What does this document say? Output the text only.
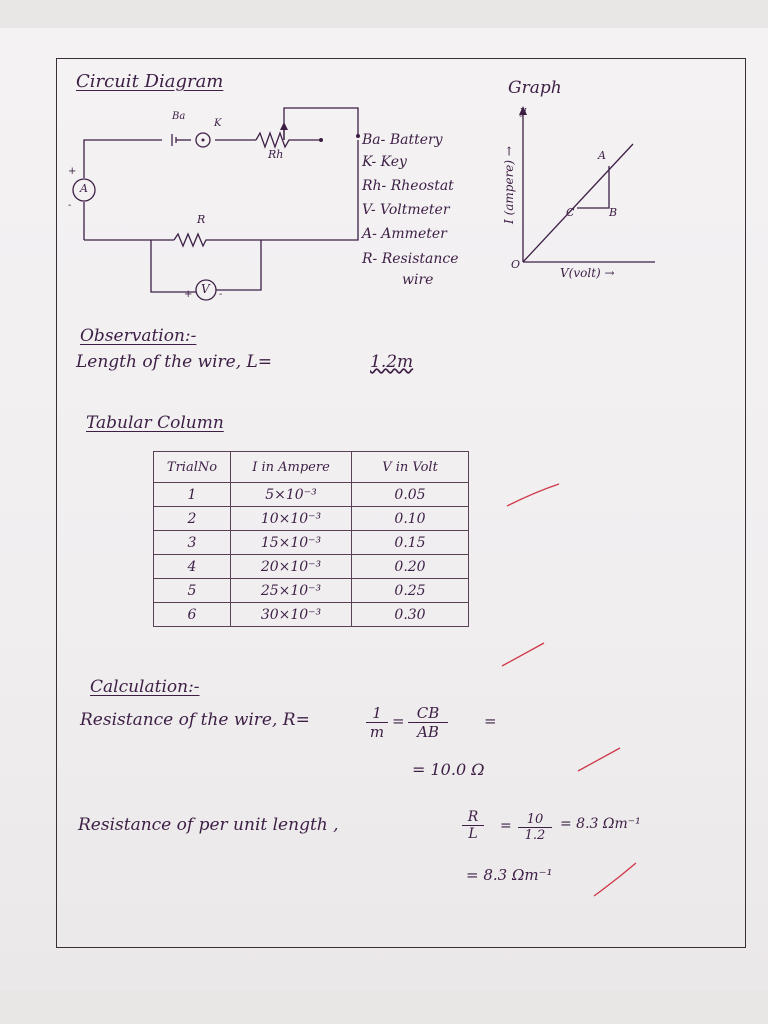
Circuit Diagram
Ba
K
Rh
R
A
V
+
-
+	-
Ba- Battery
K- Key
Rh- Rheostat
V- Voltmeter
A- Ammeter
R- Resistance
wire
Graph
y
O
A
B
C
V(volt) →
I (ampere) →
Observation:-
Length of the wire, L=	1.2m
Tabular Column
TrialNo	I in Ampere	V in Volt
1	5×10⁻³	0.05
2	10×10⁻³	0.10
3	15×10⁻³	0.15
4	20×10⁻³	0.20
5	25×10⁻³	0.25
6	30×10⁻³	0.30
Calculation:-
Resistance of the wire, R=	$\frac{1}{m} = \frac{CB}{AB}$ =
= 10.0 Ω
Resistance of per unit length ,	$\frac{R}{L} = \frac{10}{1.2} = 8.3$ Ωm⁻¹
= 8.3 Ωm⁻¹
